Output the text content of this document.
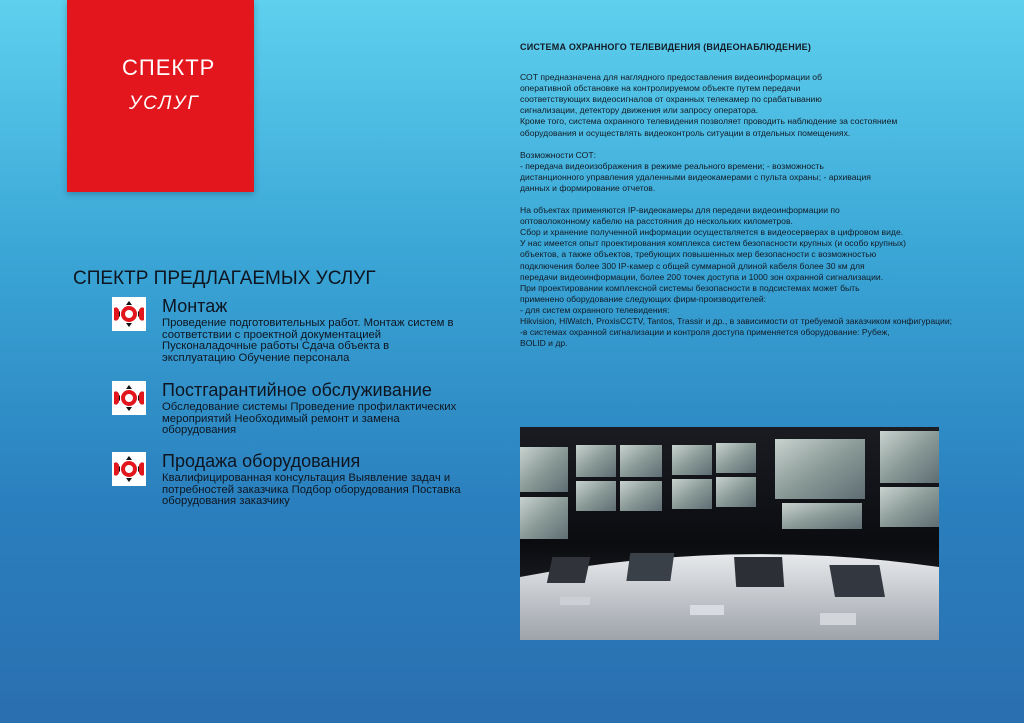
СПЕКТР
УСЛУГ
СПЕКТР ПРЕДЛАГАЕМЫХ УСЛУГ
Монтаж
Проведение подготовительных работ. Монтаж систем в соответствии с проектной документацией Пусконаладочные работы Сдача объекта в эксплуатацию Обучение персонала
Постгарантийное обслуживание
Обследование системы Проведение профилактических мероприятий Необходимый ремонт и замена оборудования
Продажа оборудования
Квалифицированная консультация Выявление задач и потребностей заказчика Подбор оборудования Поставка оборудования заказчику
СИСТЕМА ОХРАННОГО ТЕЛЕВИДЕНИЯ (ВИДЕОНАБЛЮДЕНИЕ)

СОТ предназначена для наглядного предоставления видеоинформации об
оперативной обстановке на контролируемом объекте путем передачи
соответствующих видеосигналов от охранных телекамер по срабатыванию
сигнализации, детектору движения или запросу оператора.
Кроме того, система охранного телевидения позволяет проводить наблюдение за состоянием
оборудования и осуществлять видеоконтроль ситуации в отдельных помещениях.

Возможности СОТ:
- передача видеоизображения в режиме реального времени; - возможность
дистанционного управления удаленными видеокамерами с пульта охраны; - архивация
данных и формирование отчетов.

На объектах применяются IP-видеокамеры для передачи видеоинформации по
оптоволоконному кабелю на расстояния до нескольких километров.
Сбор и хранение полученной информации осуществляется в видеосерверах в цифровом виде.
У нас имеется опыт проектирования комплекса систем безопасности крупных (и особо крупных)
объектов, а также объектов, требующих повышенных мер безопасности с возможностью
подключения более 300 IP-камер с общей суммарной длиной кабеля более 30 км для
передачи видеоинформации, более 200 точек доступа и 1000 зон охранной сигнализации.
При проектировании комплексной системы безопасности в подсистемах может быть
применено оборудование следующих фирм-производителей:
- для систем охранного телевидения:
Hikvision, HiWatch, ProxisCCTV, Tantos, Trassir и др., в зависимости от требуемой заказчиком конфигурации;
-в системах охранной сигнализации и контроля доступа применяется оборудование: Рубеж,
BOLID и др.
